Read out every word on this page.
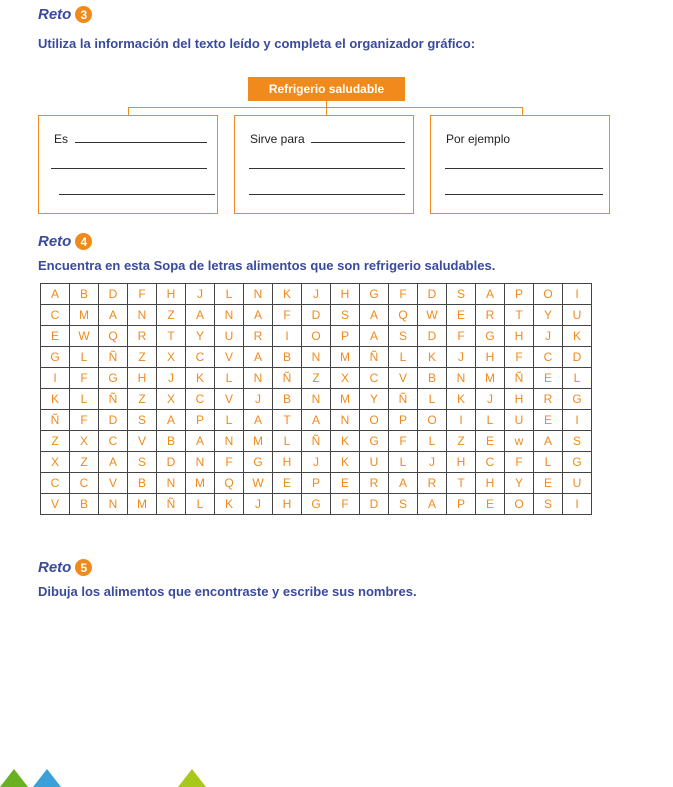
Reto 3

Utiliza la información del texto leído y completa el organizador gráfico:

Refrigerio saludable
Es	Sirve para	Por ejemplo
Reto 4

Encuentra en esta Sopa de letras alimentos que son refrigerio saludables.

A	B	D	F	H	J	L	N	K	J	H	G	F	D	S	A	P	O	I
C	M	A	N	Z	A	N	A	F	D	S	A	Q	W	E	R	T	Y	U
E	W	Q	R	T	Y	U	R	I	O	P	A	S	D	F	G	H	J	K
G	L	Ñ	Z	X	C	V	A	B	N	M	Ñ	L	K	J	H	F	C	D
I	F	G	H	J	K	L	N	Ñ	Z	X	C	V	B	N	M	Ñ	E	L
K	L	Ñ	Z	X	C	V	J	B	N	M	Y	Ñ	L	K	J	H	R	G
Ñ	F	D	S	A	P	L	A	T	A	N	O	P	O	I	L	U	E	I
Z	X	C	V	B	A	N	M	L	Ñ	K	G	F	L	Z	E	w	A	S
X	Z	A	S	D	N	F	G	H	J	K	U	L	J	H	C	F	L	G
C	C	V	B	N	M	Q	W	E	P	E	R	A	R	T	H	Y	E	U
V	B	N	M	Ñ	L	K	J	H	G	F	D	S	A	P	E	O	S	I
Reto 5

Dibuja los alimentos que encontraste y escribe sus nombres.
